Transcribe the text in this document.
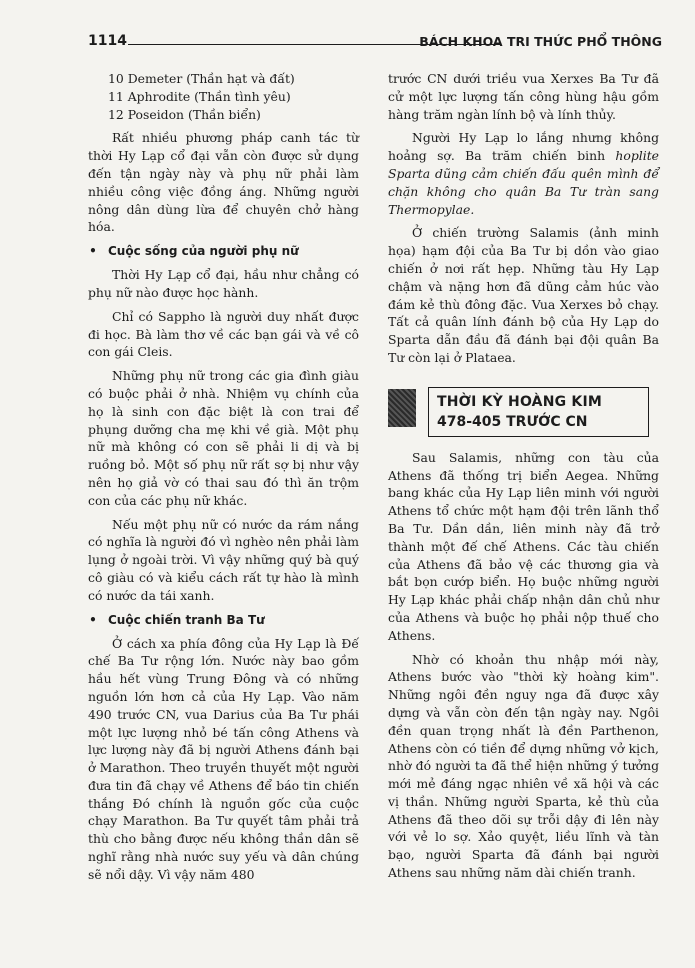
1114	BÁCH KHOA TRI THỨC PHỔ THÔNG

10 Demeter (Thần hạt và đất)

11 Aphrodite (Thần tình yêu)

12 Poseidon (Thần biển)

Rất nhiều phương pháp canh tác từ thời Hy Lạp cổ đại vẫn còn được sử dụng đến tận ngày này và phụ nữ phải làm nhiều công việc đồng áng. Những người nông dân dùng lừa để chuyên chở hàng hóa.

• Cuộc sống của người phụ nữ

Thời Hy Lạp cổ đại, hầu như chẳng có phụ nữ nào được học hành.

Chỉ có Sappho là người duy nhất được đi học. Bà làm thơ về các bạn gái và về cô con gái Cleis.

Những phụ nữ trong các gia đình giàu có buộc phải ở nhà. Nhiệm vụ chính của họ là sinh con đặc biệt là con trai để phụng dưỡng cha mẹ khi về già. Một phụ nữ mà không có con sẽ phải li dị và bị ruồng bỏ. Một số phụ nữ rất sợ bị như vậy nên họ giả vờ có thai sau đó thì ăn trộm con của các phụ nữ khác.

Nếu một phụ nữ có nước da rám nắng có nghĩa là người đó vì nghèo nên phải làm lụng ở ngoài trời. Vì vậy những quý bà quý cô giàu có và kiểu cách rất tự hào là mình có nước da tái xanh.

• Cuộc chiến tranh Ba Tư

Ở cách xa phía đông của Hy Lạp là Đế chế Ba Tư rộng lớn. Nước này bao gồm hầu hết vùng Trung Đông và có những nguồn lớn hơn cả của Hy Lạp. Vào năm 490 trước CN, vua Darius của Ba Tư phái một lực lượng nhỏ bé tấn công Athens và lực lượng này đã bị người Athens đánh bại ở Marathon. Theo truyền thuyết một người đưa tin đã chạy về Athens để báo tin chiến thắng Đó chính là nguồn gốc của cuộc chạy Marathon. Ba Tư quyết tâm phải trả thù cho bằng được nếu không thần dân sẽ nghĩ rằng nhà nước suy yếu và dân chúng sẽ nổi dậy. Vì vậy năm 480

trước CN dưới triều vua Xerxes Ba Tư đã cử một lực lượng tấn công hùng hậu gồm hàng trăm ngàn lính bộ và lính thủy.

Người Hy Lạp lo lắng nhưng không hoảng sợ. Ba trăm chiến binh hoplite Sparta dũng cảm chiến đấu quên mình để chặn không cho quân Ba Tư tràn sang Thermopylae.

Ở chiến trường Salamis (ảnh minh họa) hạm đội của Ba Tư bị dồn vào giao chiến ở nơi rất hẹp. Những tàu Hy Lạp chậm và nặng hơn đã dũng cảm húc vào đám kẻ thù đông đặc. Vua Xerxes bỏ chạy. Tất cả quân lính đánh bộ của Hy Lạp do Sparta dẫn đầu đã đánh bại đội quân Ba Tư còn lại ở Plataea.

THỜI KỲ HOÀNG KIM
478-405 TRƯỚC CN

Sau Salamis, những con tàu của Athens đã thống trị biển Aegea. Những bang khác của Hy Lạp liên minh với người Athens tổ chức một hạm đội trên lãnh thổ Ba Tư. Dần dần, liên minh này đã trở thành một đế chế Athens. Các tàu chiến của Athens đã bảo vệ các thương gia và bắt bọn cướp biển. Họ buộc những người Hy Lạp khác phải chấp nhận dân chủ như của Athens và buộc họ phải nộp thuế cho Athens.

Nhờ có khoản thu nhập mới này, Athens bước vào "thời kỳ hoàng kim". Những ngôi đền nguy nga đã được xây dựng và vẫn còn đến tận ngày nay. Ngôi đền quan trọng nhất là đền Parthenon, Athens còn có tiền để dựng những vở kịch, nhờ đó người ta đã thể hiện những ý tưởng mới mẻ đáng ngạc nhiên về xã hội và các vị thần. Những người Sparta, kẻ thù của Athens đã theo dõi sự trỗi dậy đi lên này với vẻ lo sợ. Xảo quyệt, liều lĩnh và tàn bạo, người Sparta đã đánh bại người Athens sau những năm dài chiến tranh.
